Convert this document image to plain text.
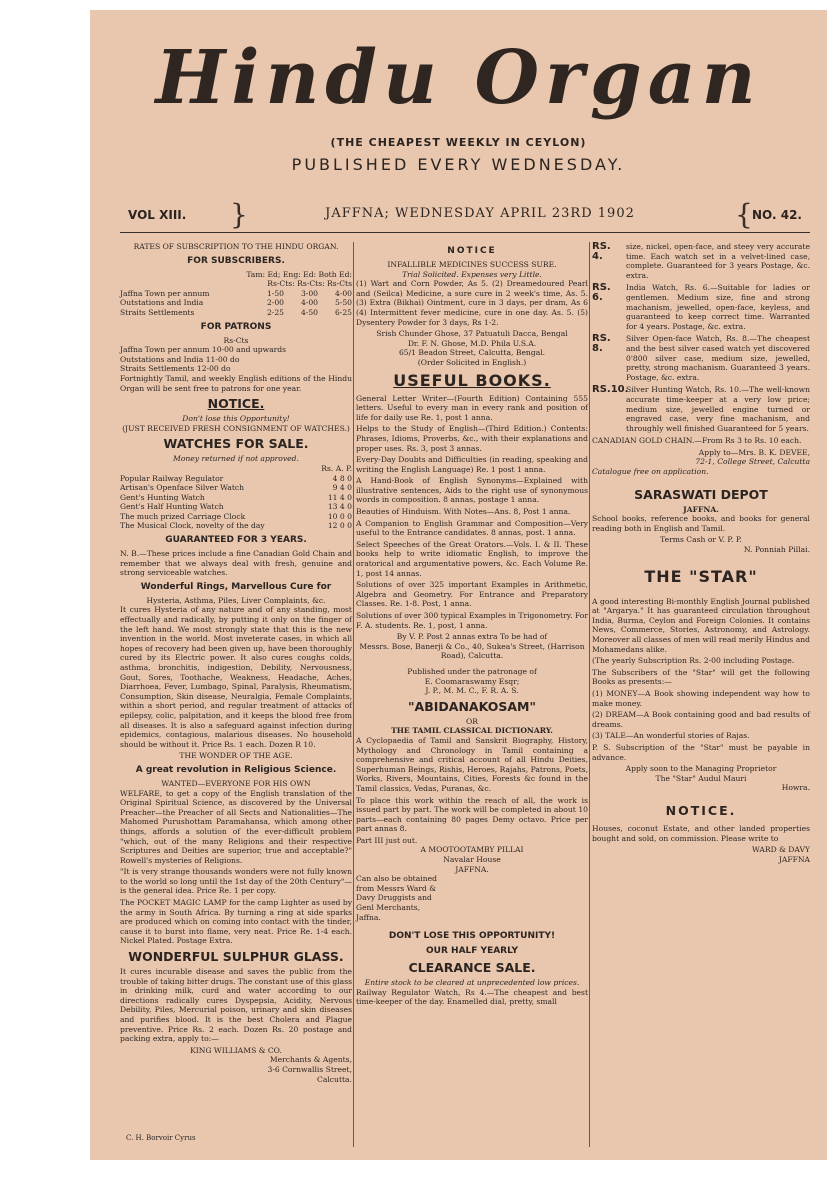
Hindu Organ
(THE CHEAPEST WEEKLY IN CEYLON)
PUBLISHED EVERY WEDNESDAY.
VOL XIII. }	JAFFNA; WEDNESDAY APRIL 23RD 1902	{ NO. 42.
RATES OF SUBSCRIPTION TO THE HINDU ORGAN.
FOR SUBSCRIBERS.
Tam: Ed; Eng: Ed: Both Ed:
Rs-Cts: Rs-Cts: Rs-Cts
Jaffna Town per annum	1-50	3-00	4-00
Outstations and India	2-00	4-00	5-50
Straits Settlements	2-25	4-50	6-25
FOR PATRONS
Rs-Cts
Jaffna Town per annum 10-00 and upwards
Outstations and India 11-00 do
Straits Settlements 12-00 do

Fortnightly Tamil, and weekly English editions of the Hindu Organ will be sent free to patrons for one year.

NOTICE.
Don't lose this Opportunity!
(JUST RECEIVED FRESH CONSIGNMENT OF WATCHES.)
WATCHES FOR SALE.
Money returned if not approved.
Rs. A. P.
Popular Railway Regulator	4 8 0
Artisan's Openface Silver Watch	9 4 0
Gent's Hunting Watch	11 4 0
Gent's Half Hunting Watch	13 4 0
The much prized Carriage Clock	10 0 0
The Musical Clock, novelty of the day	12 0 0
GUARANTEED FOR 3 YEARS.

N. B.—These prices include a fine Canadian Gold Chain and remember that we always deal with fresh, genuine and strong serviceable watches.

Wonderful Rings, Marvellous Cure for
Hysteria, Asthma, Piles, Liver Complaints, &c.

It cures Hysteria of any nature and of any standing, most effectually and radically, by putting it only on the finger of the left hand. We most strongly state that this is the new invention in the world. Most inveterate cases, in which all hopes of recovery had been given up, have been thoroughly cured by its Electric power. It also cures coughs colds, asthma, bronchitis, indigestion, Debility, Nervousness, Gout, Sores, Toothache, Weakness, Headache, Aches, Diarrhoea, Fever, Lumbago, Spinal, Paralysis, Rheumatism, Consumption, Skin disease, Neuralgia, Female Complaints, within a short period, and regular treatment of attacks of epilepsy, colic, palpitation, and it keeps the blood free from all diseases. It is also a safeguard against infection during epidemics, contagious, malarious diseases. No household should be without it. Price Rs. 1 each. Dozen R 10.

THE WONDER OF THE AGE.
A great revolution in Religious Science.
WANTED—EVERYONE FOR HIS OWN

WELFARE, to get a copy of the English translation of the Original Spiritual Science, as discovered by the Universal Preacher—the Preacher of all Sects and Nationalities—The Mahomed Purushottam Paramahansa, which among other things, affords a solution of the ever-difficult problem "which, out of the many Religions and their respective Scriptures and Deities are superior, true and acceptable?" Rowell's mysteries of Religions.

"It is very strange thousands wonders were not fully known to the world so long until the 1st day of the 20th Century"—is the general idea. Price Re. 1 per copy.

The POCKET MAGIC LAMP for the camp Lighter as used by the army in South Africa. By turning a ring at side sparks are produced which on coming into contact with the tinder, cause it to burst into flame, very neat. Price Re. 1-4 each. Nickel Plated. Postage Extra.

WONDERFUL SULPHUR GLASS.

It cures incurable disease and saves the public from the trouble of taking bitter drugs. The constant use of this glass in drinking milk, curd and water according to our directions radically cures Dyspepsia, Acidity, Nervous Debility, Piles, Mercurial poison, urinary and skin diseases and purifies blood. It is the best Cholera and Plague preventive. Price Rs. 2 each. Dozen Rs. 20 postage and packing extra, apply to:—

KING WILLIAMS & CO.
Merchants & Agents,
3-6 Cornwallis Street,
Calcutta.
NOTICE
INFALLIBLE MEDICINES SUCCESS SURE.
Trial Solicited. Expenses very Little.

(1) Wart and Corn Powder, As 5. (2) Dreamedoured Pearl and (Seilca) Medicine, a sure cure in 2 week's time, As. 5. (3) Extra (Bikhai) Ointment, cure in 3 days, per dram, As 6 (4) Intermittent fever medicine, cure in one day. As. 5. (5) Dysentery Powder for 3 days, Rs 1-2.

Srish Chunder Ghose, 37 Patuatuli Dacca, Bengal
Dr. F. N. Ghose, M.D. Phila U.S.A.
65/1 Beadon Street, Calcutta, Bengal.
(Order Solicited in English.)
USEFUL BOOKS.

General Letter Writer—(Fourth Edition) Containing 555 letters. Useful to every man in every rank and position of life for daily use Re. 1, post 1 anna.

Helps to the Study of English—(Third Edition.) Contents: Phrases, Idioms, Proverbs, &c., with their explanations and proper uses. Rs. 3, post 3 annas.

Every-Day Doubts and Difficulties (in reading, speaking and writing the English Language) Re. 1 post 1 anna.

A Hand-Book of English Synonyms—Explained with illustrative sentences, Aids to the right use of synonymous words in composition. 8 annas, postage 1 anna.

Beauties of Hinduism. With Notes—Ans. 8, Post 1 anna.

A Companion to English Grammar and Composition—Very useful to the Entrance candidates. 8 annas, post. 1 anna.

Select Speeches of the Great Orators.—Vols. I. & II. These books help to write idiomatic English, to improve the oratorical and argumentative powers, &c. Each Volume Re. 1, post 14 annas.

Solutions of over 325 important Examples in Arithmetic, Algebra and Geometry. For Entrance and Preparatory Classes. Re. 1-8. Post, 1 anna.

Solutions of over 300 typical Examples in Trigonometry. For F. A. students. Re. 1, post, 1 anna.

By V. P. Post 2 annas extra To be had of
Messrs. Bose, Banerji & Co., 40, Sukea's Street, (Harrison Road), Calcutta.
Published under the patronage of
E. Coomaraswamy Esqr;
J. P., M. M. C., F. R. A. S.
"ABIDANAKOSAM"
OR
THE TAMIL CLASSICAL DICTIONARY.

A Cyclopaedia of Tamil and Sanskrit Biography, History, Mythology and Chronology in Tamil containing a comprehensive and critical account of all Hindu Deities, Superhuman Beings, Rishis, Heroes, Rajahs, Patrons, Poets, Works, Rivers, Mountains, Cities, Forests &c found in the Tamil classics, Vedas, Puranas, &c.

To place this work within the reach of all, the work is issued part by part. The work will be completed in about 10 parts—each containing 80 pages Demy octavo. Price per part annas 8.

Part III just out.
A MOOTOOTAMBY PILLAI
Navalar House
JAFFNA.
Can also be obtained
from Messrs Ward &
Davy Druggists and
Genl Merchants,
Jaffna.
DON'T LOSE THIS OPPORTUNITY!
OUR HALF YEARLY
CLEARANCE SALE.
Entire stock to be cleared at unprecedented low prices.

Railway Regulator Watch, Rs 4.—The cheapest and best time-keeper of the day. Enamelled dial, pretty, small

RS. 4.
size, nickel, open-face, and steey very accurate time. Each watch set in a velvet-lined case, complete. Guaranteed for 3 years Postage, &c. extra.
RS. 6.
India Watch, Rs. 6.—Suitable for ladies or gentlemen. Medium size, fine and strong machanism, jewelled, open-face, keyless, and guaranteed to keep correct time. Warranted for 4 years. Postage, &c. extra.
RS. 8.
Silver Open-face Watch, Rs. 8.—The cheapest and the best silver cased watch yet discovered 0'800 silver case, medium size, jewelled, pretty, strong machanism. Guaranteed 3 years. Postage, &c. extra.
RS.10.
Silver Hunting Watch, Rs. 10.—The well-known accurate time-keeper at a very low price; medium size, jewelled engine turned or engraved case, very fine machanism, and throughly well finished Guaranteed for 5 years.

CANADIAN GOLD CHAIN.—From Rs 3 to Rs. 10 each.

Apply to—Mrs. B. K. DEVEE,
72-1, College Street, Calcutta
Catalogue free on application.
SARASWATI DEPOT
JAFFNA.

School books, reference books, and books for general reading both in English and Tamil.

Terms Cash or V. P. P.
N. Ponniah Pillai.
THE "STAR"

A good interesting Bi-monthly English Journal published at "Argarya." It has guaranteed circulation throughout India, Burma, Ceylon and Foreign Colonies. It contains News, Commerce, Stories, Astronomy, and Astrology. Moreover all classes of men will read merily Hindus and Mohamedans alike.

(The yearly Subscription Rs. 2-00 including Postage.

The Subscribers of the "Star" will get the following Books as presents:—

(1) MONEY—A Book showing independent way how to make money.

(2) DREAM—A Book containing good and bad results of dreams.

(3) TALE—An wonderful stories of Rajas.

P. S. Subscription of the "Star" must be payable in advance.

Apply soon to the Managing Proprietor
The "Star" Audul Mauri
Howra.
NOTICE.

Houses, coconut Estate, and other landed properties bought and sold, on commission. Please write to

WARD & DAVY
JAFFNA
C. H. Borvoir Cyrus
